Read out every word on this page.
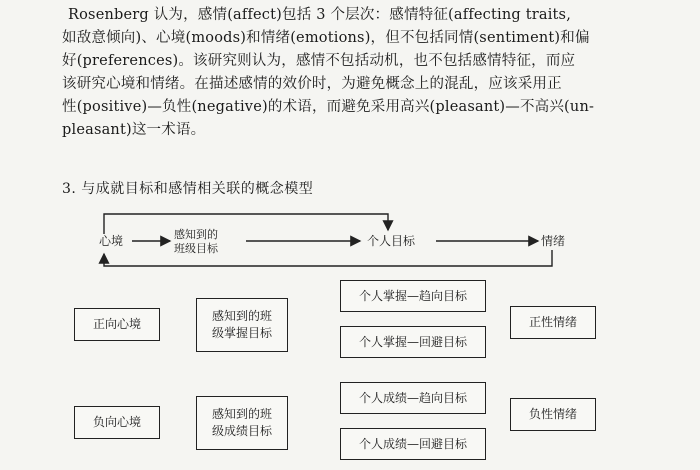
Rosenberg 认为，感情(affect)包括 3 个层次：感情特征(affecting traits,
如敌意倾向)、心境(moods)和情绪(emotions)，但不包括同情(sentiment)和偏
好(preferences)。该研究则认为，感情不包括动机，也不包括感情特征，而应
该研究心境和情绪。在描述感情的效价时，为避免概念上的混乱，应该采用正
性(positive)—负性(negative)的术语，而避免采用高兴(pleasant)—不高兴(un-
pleasant)这一术语。
3. 与成就目标和感情相关联的概念模型
心境	感知到的
班级目标
个人目标	情绪
正向心境
负向心境
感知到的班
级掌握目标
感知到的班
级成绩目标
个人掌握—趋向目标
个人掌握—回避目标
个人成绩—趋向目标
个人成绩—回避目标
正性情绪
负性情绪
